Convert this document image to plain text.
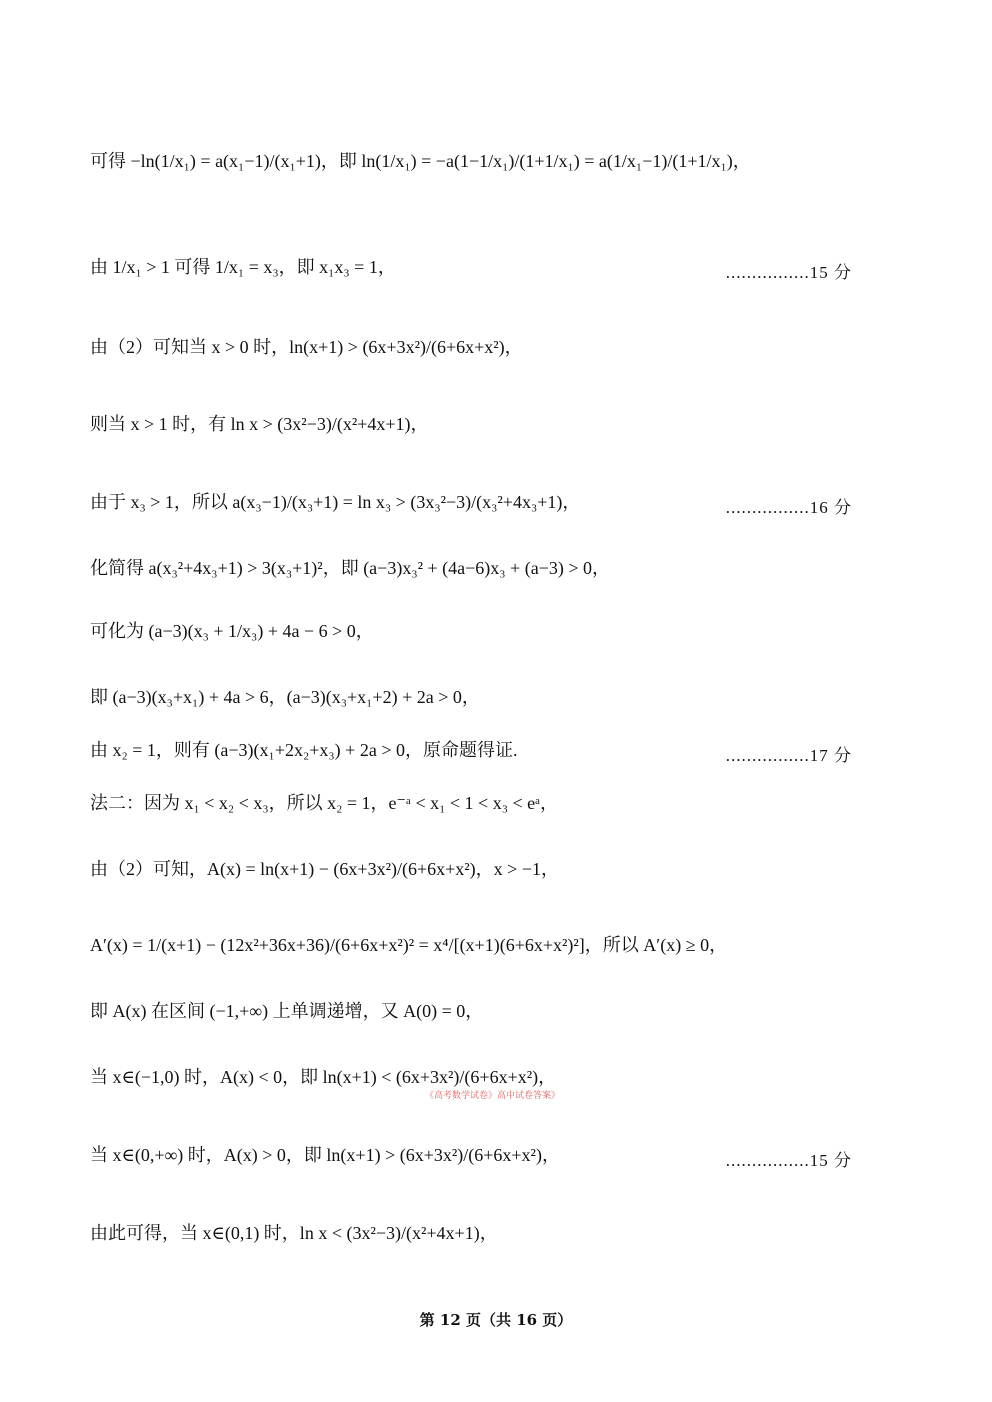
可得 −ln(1/x₁) = a(x₁−1)/(x₁+1)，即 ln(1/x₁) = −a(1−1/x₁)/(1+1/x₁) = a(1/x₁−1)/(1+1/x₁)，
由 1/x₁ > 1 可得 1/x₁ = x₃，即 x₁x₃ = 1，	................15 分
由（2）可知当 x > 0 时，ln(x+1) > (6x+3x²)/(6+6x+x²)，
则当 x > 1 时，有 ln x > (3x²−3)/(x²+4x+1)，
由于 x₃ > 1，所以 a(x₃−1)/(x₃+1) = ln x₃ > (3x₃²−3)/(x₃²+4x₃+1)，	................16 分
化简得 a(x₃²+4x₃+1) > 3(x₃+1)²，即 (a−3)x₃² + (4a−6)x₃ + (a−3) > 0，
可化为 (a−3)(x₃ + 1/x₃) + 4a − 6 > 0，
即 (a−3)(x₃+x₁) + 4a > 6，(a−3)(x₃+x₁+2) + 2a > 0，
由 x₂ = 1，则有 (a−3)(x₁+2x₂+x₃) + 2a > 0，原命题得证.	................17 分
法二：因为 x₁ < x₂ < x₃，所以 x₂ = 1，e⁻ᵃ < x₁ < 1 < x₃ < eᵃ，
由（2）可知，A(x) = ln(x+1) − (6x+3x²)/(6+6x+x²)，x > −1，
A′(x) = 1/(x+1) − (12x²+36x+36)/(6+6x+x²)² = x⁴/[(x+1)(6+6x+x²)²]，所以 A′(x) ≥ 0，
即 A(x) 在区间 (−1,+∞) 上单调递增，又 A(0) = 0，
当 x∈(−1,0) 时，A(x) < 0，即 ln(x+1) < (6x+3x²)/(6+6x+x²)，
《高考数学试卷》高中试卷答案》
当 x∈(0,+∞) 时，A(x) > 0，即 ln(x+1) > (6x+3x²)/(6+6x+x²)，	................15 分
由此可得，当 x∈(0,1) 时，ln x < (3x²−3)/(x²+4x+1)，
第 12 页（共 16 页）
